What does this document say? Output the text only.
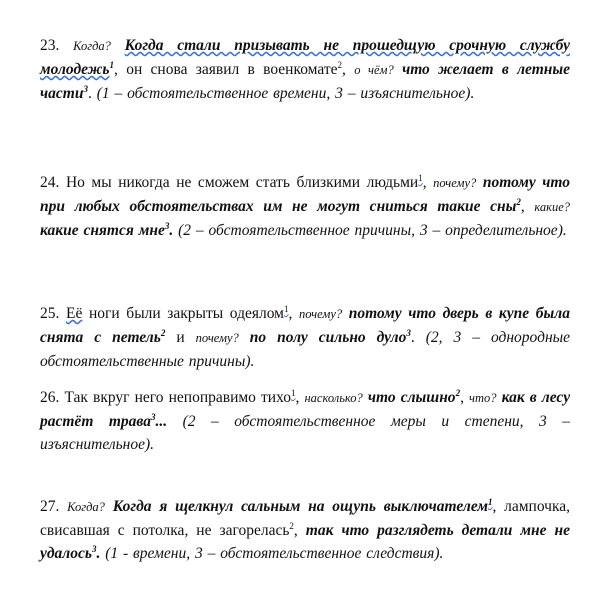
23. Когда? Когда стали призывать не прошедщую срочную службу молодежь$^1$, он снова заявил в военкомате$^2$, о чём? что желает в летные части$^3$. (1 – обстоятельственное времени, 3 – изъяснительное).
24. Но мы никогда не сможем стать близкими людьми$^1$, почему? потому что при любых обстоятельствах им не могут сниться такие сны$^2$, какие? какие снятся мне$^3$. (2 – обстоятельственное причины, 3 – определительное).
25. Её ноги были закрыты одеялом$^1$, почему? потому что дверь в купе была снята с петель$^2$ и почему? по полу сильно дуло$^3$. (2, 3 – однородные обстоятельственные причины).
26. Так вкруг него непоправимо тихо$^1$, насколько? что слышно$^2$, что? как в лесу растёт трава$^3$... (2 – обстоятельственное меры и степени, 3 – изъяснительное).
27. Когда? Когда я щелкнул сальным на ощупь выключателем$^1$, лампочка, свисавшая с потолка, не загорелась$^2$, так что разглядеть детали мне не удалось$^3$. (1 - времени, 3 – обстоятельственное следствия).
